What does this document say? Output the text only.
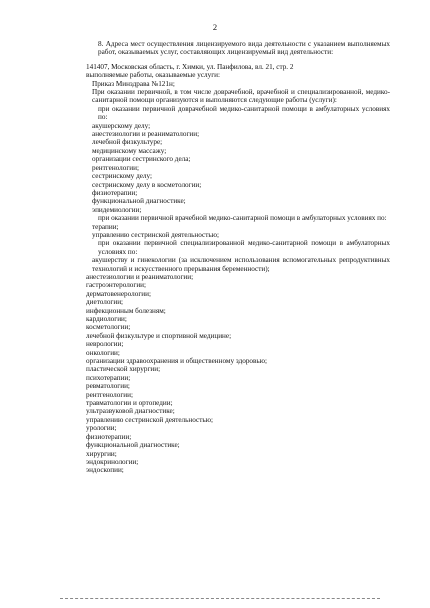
2
8. Адреса мест осуществления лицензируемого вида деятельности с указанием выполняемых работ, оказываемых услуг, составляющих лицензируемый вид деятельности:
141407, Московская область, г. Химки, ул. Панфилова, вл. 21, стр. 2
выполняемые работы, оказываемые услуги:
Приказ Минздрава №121н;
При оказании первичной, в том числе доврачебной, врачебной и специализированной, медико-санитарной помощи организуются и выполняются следующие работы (услуги):
при оказании первичной доврачебной медико-санитарной помощи в амбулаторных условиях по:
акушерскому делу;
анестезиологии и реаниматологии;
лечебной физкультуре;
медицинскому массажу;
организации сестринского дела;
рентгенологии;
сестринскому делу;
сестринскому делу в косметологии;
физиотерапии;
функциональной диагностике;
эпидемиологии;
при оказании первичной врачебной медико-санитарной помощи в амбулаторных условиях по:
терапии;
управлению сестринской деятельностью;
при оказании первичной специализированной медико-санитарной помощи в амбулаторных условиях по:
акушерству и гинекологии (за исключением использования вспомогательных репродуктивных технологий и искусственного прерывания беременности);
анестезиологии и реаниматологии;
гастроэнтерологии;
дерматовенерологии;
диетологии;
инфекционным болезням;
кардиологии;
косметологии;
лечебной физкультуре и спортивной медицине;
неврологии;
онкологии;
организации здравоохранения и общественному здоровью;
пластической хирургии;
психотерапии;
ревматологии;
рентгенологии;
травматологии и ортопедии;
ультразвуковой диагностике;
управлению сестринской деятельностью;
урологии;
физиотерапии;
функциональной диагностике;
хирургии;
эндокринологии;
эндоскопии;
